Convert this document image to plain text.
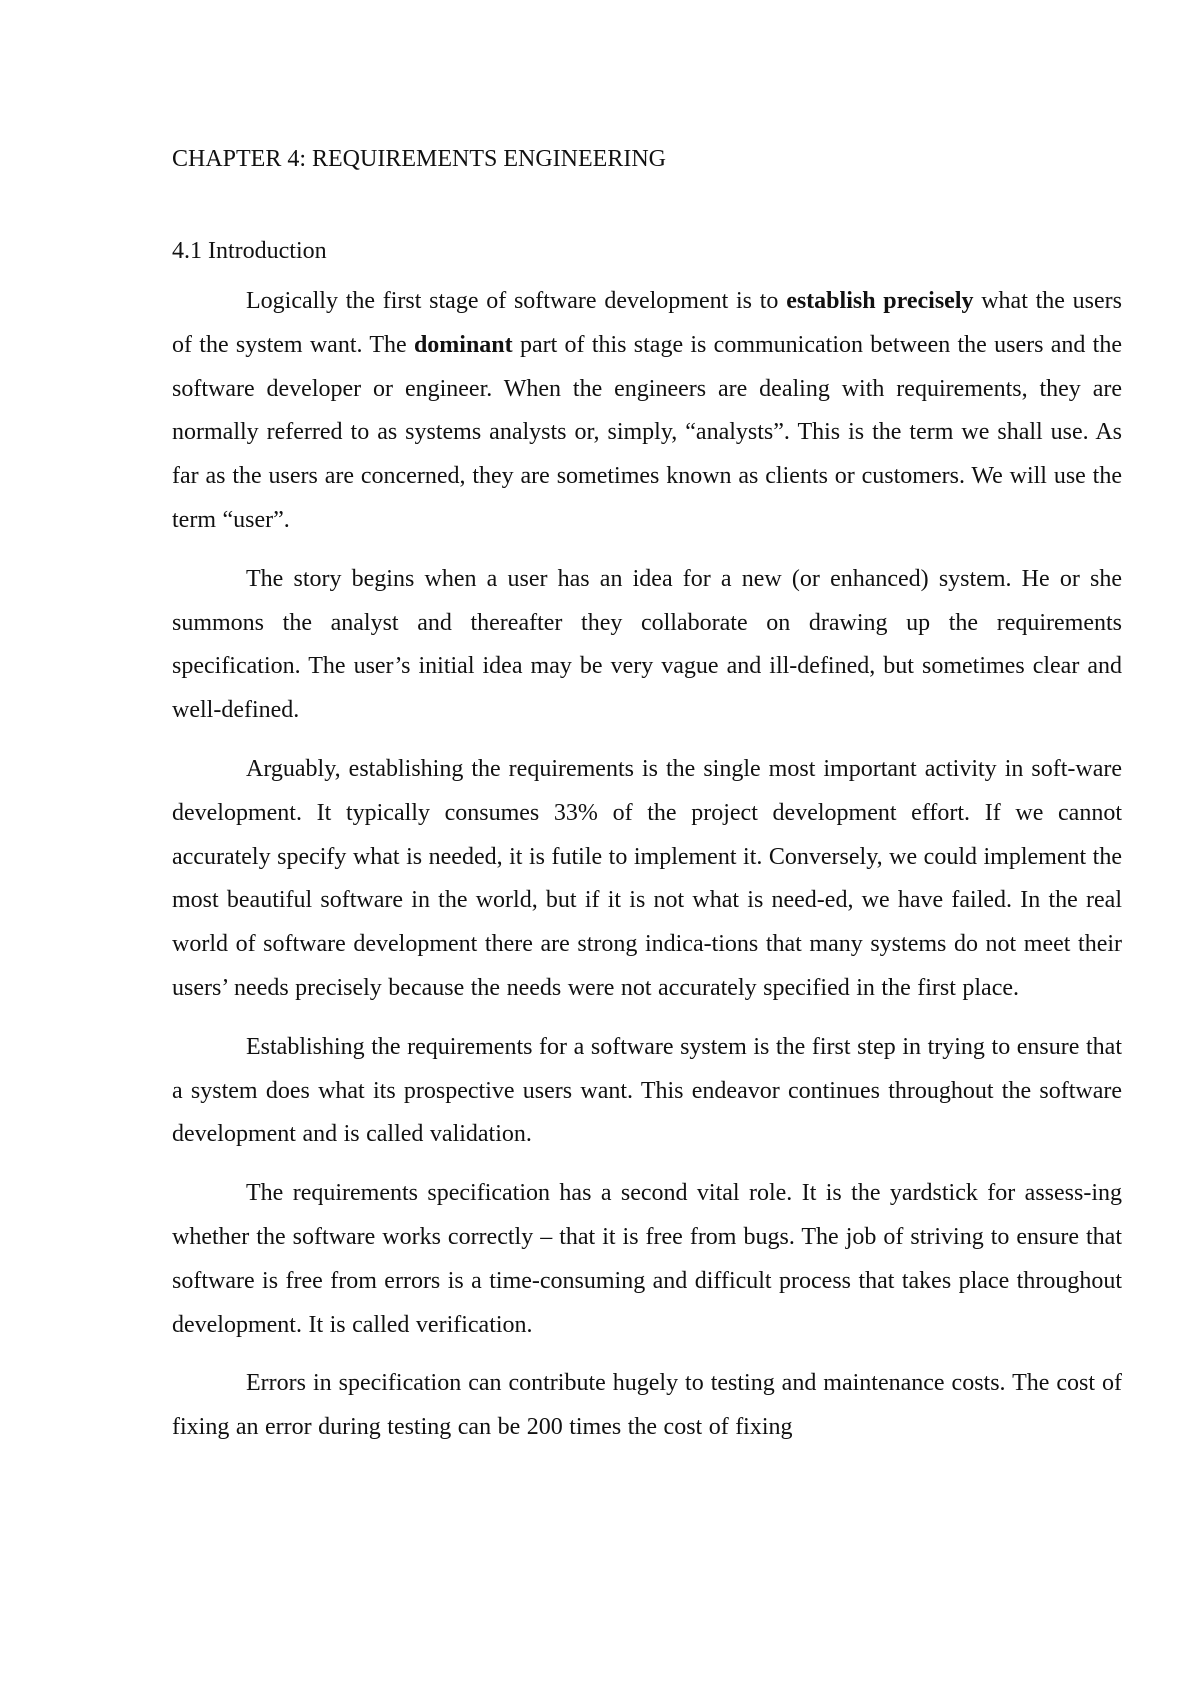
CHAPTER 4: REQUIREMENTS ENGINEERING
4.1 Introduction

Logically the first stage of software development is to establish precisely what the users of the system want. The dominant part of this stage is communication between the users and the software developer or engineer. When the engineers are dealing with requirements, they are normally referred to as systems analysts or, simply, “analysts”. This is the term we shall use. As far as the users are concerned, they are sometimes known as clients or customers. We will use the term “user”.

The story begins when a user has an idea for a new (or enhanced) system. He or she summons the analyst and thereafter they collaborate on drawing up the requirements specification. The user’s initial idea may be very vague and ill-defined, but sometimes clear and well-defined.

Arguably, establishing the requirements is the single most important activity in soft-ware development. It typically consumes 33% of the project development effort. If we cannot accurately specify what is needed, it is futile to implement it. Conversely, we could implement the most beautiful software in the world, but if it is not what is need-ed, we have failed. In the real world of software development there are strong indica-tions that many systems do not meet their users’ needs precisely because the needs were not accurately specified in the first place.

Establishing the requirements for a software system is the first step in trying to ensure that a system does what its prospective users want. This endeavor continues throughout the software development and is called validation.

The requirements specification has a second vital role. It is the yardstick for assess-ing whether the software works correctly – that it is free from bugs. The job of striving to ensure that software is free from errors is a time-consuming and difficult process that takes place throughout development. It is called verification.

Errors in specification can contribute hugely to testing and maintenance costs. The cost of fixing an error during testing can be 200 times the cost of fixing
